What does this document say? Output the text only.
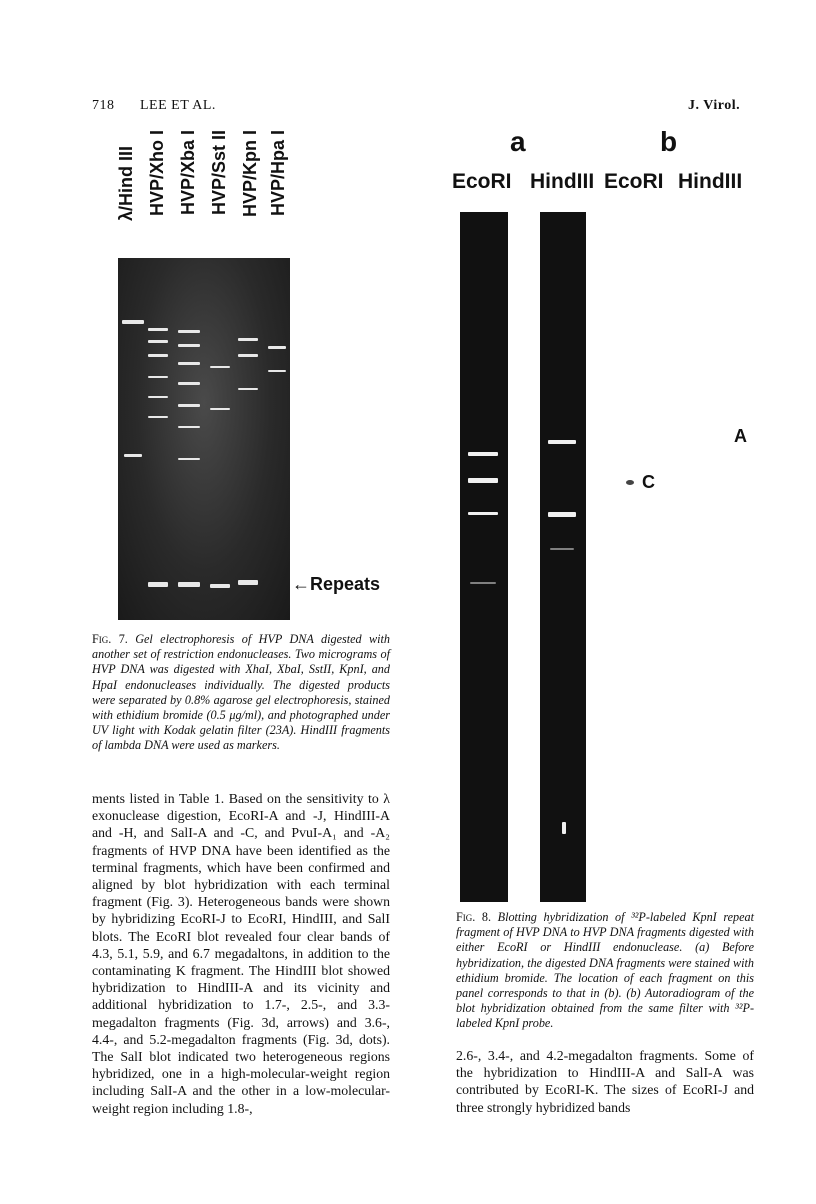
718 LEE ET AL.	J. Virol.
λ/Hind III HVP/Xho I HVP/Xba I HVP/Sst II HVP/Kpn I HVP/Hpa I
←Repeats
Fig. 7. Gel electrophoresis of HVP DNA digested with another set of restriction endonucleases. Two micrograms of HVP DNA was digested with XhaI, XbaI, SstII, KpnI, and HpaI endonucleases individually. The digested products were separated by 0.8% agarose gel electrophoresis, stained with ethidium bromide (0.5 μg/ml), and photographed under UV light with Kodak gelatin filter (23A). HindIII fragments of lambda DNA were used as markers.
ments listed in Table 1. Based on the sensitivity to λ exonuclease digestion, EcoRI-A and -J, HindIII-A and -H, and SalI-A and -C, and PvuI-A₁ and -A₂ fragments of HVP DNA have been identified as the terminal fragments, which have been confirmed and aligned by blot hybridization with each terminal fragment (Fig. 3). Heterogeneous bands were shown by hybridizing EcoRI-J to EcoRI, HindIII, and SalI blots. The EcoRI blot revealed four clear bands of 4.3, 5.1, 5.9, and 6.7 megadaltons, in addition to the contaminating K fragment. The HindIII blot showed hybridization to HindIII-A and its vicinity and additional hybridization to 1.7-, 2.5-, and 3.3-megadalton fragments (Fig. 3d, arrows) and 3.6-, 4.4-, and 5.2-megadalton fragments (Fig. 3d, dots). The SalI blot indicated two heterogeneous regions hybridized, one in a high-molecular-weight region including SalI-A and the other in a low-molecular-weight region including 1.8-,
a	b
EcoRI HindIII EcoRI HindIII
A
C
Fig. 8. Blotting hybridization of ³²P-labeled KpnI repeat fragment of HVP DNA to HVP DNA fragments digested with either EcoRI or HindIII endonuclease. (a) Before hybridization, the digested DNA fragments were stained with ethidium bromide. The location of each fragment on this panel corresponds to that in (b). (b) Autoradiogram of the blot hybridization obtained from the same filter with ³²P-labeled KpnI probe.
2.6-, 3.4-, and 4.2-megadalton fragments. Some of the hybridization to HindIII-A and SalI-A was contributed by EcoRI-K. The sizes of EcoRI-J and three strongly hybridized bands
